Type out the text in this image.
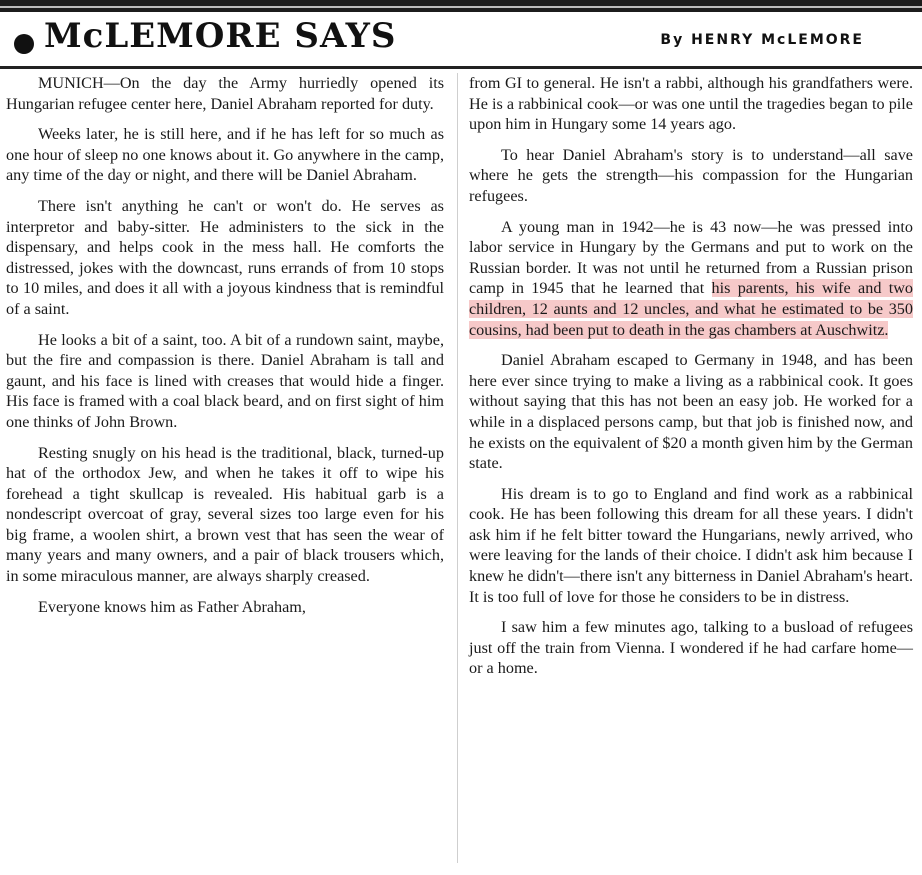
McLEMORE SAYS	By HENRY McLEMORE

MUNICH—On the day the Army hurriedly opened its Hungarian refugee center here, Daniel Abraham reported for duty.

Weeks later, he is still here, and if he has left for so much as one hour of sleep no one knows about it. Go anywhere in the camp, any time of the day or night, and there will be Daniel Abraham.

There isn't anything he can't or won't do. He serves as interpretor and baby-sitter. He administers to the sick in the dispensary, and helps cook in the mess hall. He comforts the distressed, jokes with the downcast, runs errands of from 10 stops to 10 miles, and does it all with a joyous kindness that is remindful of a saint.

He looks a bit of a saint, too. A bit of a rundown saint, maybe, but the fire and compassion is there. Daniel Abraham is tall and gaunt, and his face is lined with creases that would hide a finger. His face is framed with a coal black beard, and on first sight of him one thinks of John Brown.

Resting snugly on his head is the traditional, black, turned-up hat of the orthodox Jew, and when he takes it off to wipe his forehead a tight skullcap is revealed. His habitual garb is a nondescript overcoat of gray, several sizes too large even for his big frame, a woolen shirt, a brown vest that has seen the wear of many years and many owners, and a pair of black trousers which, in some miraculous manner, are always sharply creased.

Everyone knows him as Father Abraham,

from GI to general. He isn't a rabbi, although his grandfathers were. He is a rabbinical cook—or was one until the tragedies began to pile upon him in Hungary some 14 years ago.

To hear Daniel Abraham's story is to understand—all save where he gets the strength—his compassion for the Hungarian refugees.

A young man in 1942—he is 43 now—he was pressed into labor service in Hungary by the Germans and put to work on the Russian border. It was not until he returned from a Russian prison camp in 1945 that he learned that his parents, his wife and two children, 12 aunts and 12 uncles, and what he estimated to be 350 cousins, had been put to death in the gas chambers at Auschwitz.

Daniel Abraham escaped to Germany in 1948, and has been here ever since trying to make a living as a rabbinical cook. It goes without saying that this has not been an easy job. He worked for a while in a displaced persons camp, but that job is finished now, and he exists on the equivalent of $20 a month given him by the German state.

His dream is to go to England and find work as a rabbinical cook. He has been following this dream for all these years. I didn't ask him if he felt bitter toward the Hungarians, newly arrived, who were leaving for the lands of their choice. I didn't ask him because I knew he didn't—there isn't any bitterness in Daniel Abraham's heart. It is too full of love for those he considers to be in distress.

I saw him a few minutes ago, talking to a busload of refugees just off the train from Vienna. I wondered if he had carfare home—or a home.
